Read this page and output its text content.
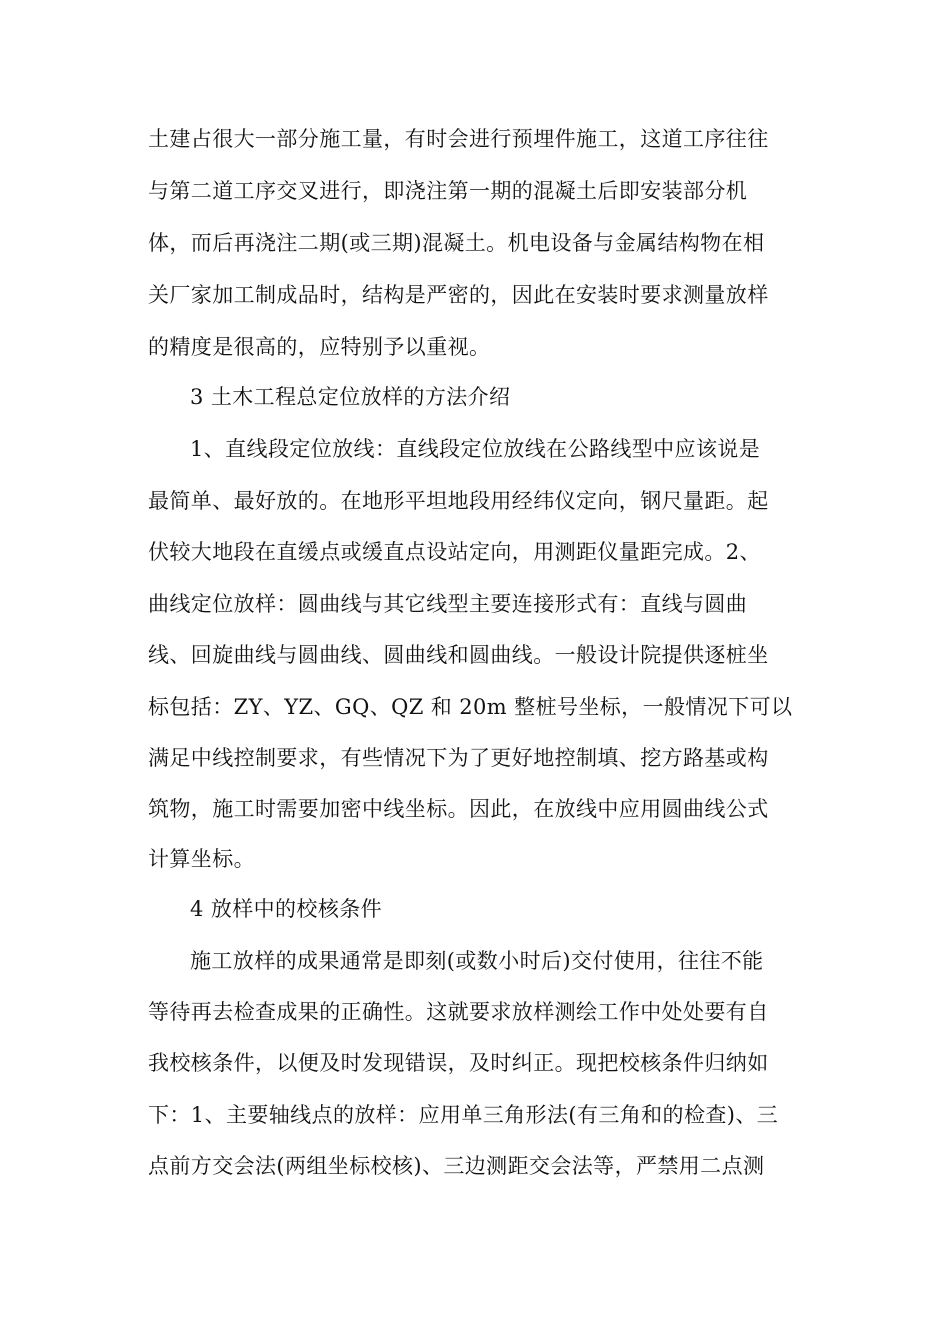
土建占很大一部分施工量，有时会进行预埋件施工，这道工序往往
与第二道工序交叉进行，即浇注第一期的混凝土后即安装部分机
体，而后再浇注二期(或三期)混凝土。机电设备与金属结构物在相
关厂家加工制成品时，结构是严密的，因此在安装时要求测量放样
的精度是很高的，应特别予以重视。
3 土木工程总定位放样的方法介绍
1、直线段定位放线：直线段定位放线在公路线型中应该说是
最简单、最好放的。在地形平坦地段用经纬仪定向，钢尺量距。起
伏较大地段在直缓点或缓直点设站定向，用测距仪量距完成。2、
曲线定位放样：圆曲线与其它线型主要连接形式有：直线与圆曲
线、回旋曲线与圆曲线、圆曲线和圆曲线。一般设计院提供逐桩坐
标包括：ZY、YZ、GQ、QZ 和 20m 整桩号坐标，一般情况下可以
满足中线控制要求，有些情况下为了更好地控制填、挖方路基或构
筑物，施工时需要加密中线坐标。因此，在放线中应用圆曲线公式
计算坐标。
4 放样中的校核条件
施工放样的成果通常是即刻(或数小时后)交付使用，往往不能
等待再去检查成果的正确性。这就要求放样测绘工作中处处要有自
我校核条件，以便及时发现错误，及时纠正。现把校核条件归纳如
下：1、主要轴线点的放样：应用单三角形法(有三角和的检查)、三
点前方交会法(两组坐标校核)、三边测距交会法等，严禁用二点测
